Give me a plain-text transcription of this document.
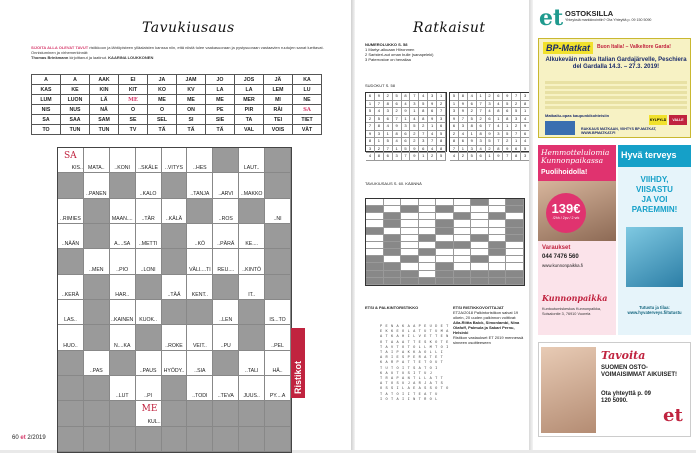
Tavukiusaus
SIJOITA ALLA OLEVAT TAVUT ristikkoon ja lähtöpisteen ylläalaisten kanssa niin, että niistä tulee vaakasuoraan ja pystysuoraan vastaavien ruutujen sanat luettavat. Onnistuminen ja virhemerkinnät:
Thomas Brinkmann kirjoittanut ja laatinut. KAARINA LOUKKONEN
A	A	AAK	EI	JA	JAM	JO	JOS	JÄ	KA
KAS	KE	KIN	KIT	KO	KV	LA	LA	LEM	LU
LUM	LUON	LÄ	ME	ME	ME	ME	MER	MI	NE
NIS	NUS	NÄ	O	O	ON	PE	PIR	RÄI	SA
SA	SAA	SAM	SE	SEL	SI	SIE	TA	TEI	TIET
TO	TUN	TUN	TV	TÄ	TÄ	TÄ	VAL	VOIS	VÄT
SA
KIS.. MATA..	..KONI	..SKÄLE	..VITYS	..HES	LAUT..
..PANEN	..KALO	..TANJA	..ARVI	..MAKKO
..RIMIES	MAAN....	..TÄR	..KÄLÄ	..ROS	..NI
..NÄÄN	A....SA	..METTI	..KÖ	..PÄRÄ	KE....
..MEN	..PIO	..LONI	VÄLI....TI	REU....	..KINTÖ
..KERÄ	HAR..	..TÄÄ	KENT..	IT..
LAS..	..KAINEN	KUOK..	..LEN	IS...TO
HUO..	N....KA	..ROKE	VEIT..	..PU	..PEL
..PAS	..PAUS	HYÖDY..	..SIA	..TALI	HÄ..
..LUT	..PI	..TODI	..TEVA	JUUS..	PY....A
ME
KUL..
Ristikot
60 et 2/2019
Ratkaisut
NUMEROLUKKO S. 58
1 Martyr-alkuaan Hiironmen
2 Saristerl-aut oman bulle (sanapeleki)
3 Paterrostoe on henailaa
SUDOKUT S. 58
6	9	2	5	8	7	4	3	1
1	7	8	6	4	3	5	9	2
5	4	3	2	9	1	8	6	7
2	5	6	7	1	4	8	9	3
7	8	4	9	3	5	2	1	6
9	3	1	8	6	2	7	4	5
8	1	5	4	6	2	3	7	8
3	2	7	1	5	9	6	4	8
4	8	6	3	7	9	1	2	5
5	8	4	1	2	6	9	7	3
1	9	6	7	3	4	5	2	8
3	9	2	7	4	8	6	5	1
9	7	5	2	6	1	8	3	4
6	3	8	6	7	4	1	2	9
2	4	1	8	9	3	5	7	6
8	6	9	3	5	7	2	1	4
7	1	3	4	2	8	9	6	5
4	2	5	6	1	9	7	8	3
TAVUKIUSAUS S. 60. KÄÄNNÄ
ETSI & PALKINTORISTIKKO	ETSI RISTIKKOVOITTAJAT
ET2A/2018 Palkintoristikon saivat 19 oikein, 20 uuden palkinnon voittivat:
Aila-Riitta Balck, Simonlambi, Nina Olafoff, Palmula ja Sakari Pernu, Helsinki
Ristikon vastaukset ET 2019 mennessä sinneen osoitteeseen
P E N A K A A P E U D E T
E K K E O L A T U T U M A
A T K A H I L V E T T E N
O T A A A T T E S K O T E
T A V T O T O L L M T O I
T A I P A K K A O L L I
A R I E S P E R A T E T
K A R P A T T E T O U T
T U T O I T S A T O I
K A U T U S I T U J
T R A P A N T L L A T T
A T O S U J A R J A T S
O S S I L A E A S S O T O
T A T O I I T E A T U
I O T A I I N T R O L
et OSTOKSILLA
Yhteyksiä markkinointiin? Ota Yhteyttä p. 09 150 5090
BP-Matkat	Buon Italia! – Valkeltore Garda!
Alkukeväin matka Italian Gardajärvelle, Peschiera del Gardalla 14.3. – 27.3. 2019!
Matkailu-opas kaupunkikohteisiin
RAKKAUS MATKAAN, VIIHTYS BP-MATKAT, WWW.BPMATKAT.FI
KYLPYLÄ	VALLE
Hemmottelulomia Kunnonpaikassa
Puolihoidolla!
139€
/2hh / 2pv / 2 vrk
Varaukset
044 7476 560
www.kunnonpaikka.fi
Kunnonpaikka
Kuntoutumiskeskus Kunnonpaikka, Soisalontie 3, 76910 Vuorela
Hyvä terveys
VIIHDY,
VIISASTU
JA VOI
PAREMMIN!
Tutustu ja tilaa: www.hyvaterveys.fi/tutustu
Tavoita
SUOMEN OSTO-VOIMAISIMMAT AIKUISET!
Ota yhteyttä p. 09 120 5090.
et
